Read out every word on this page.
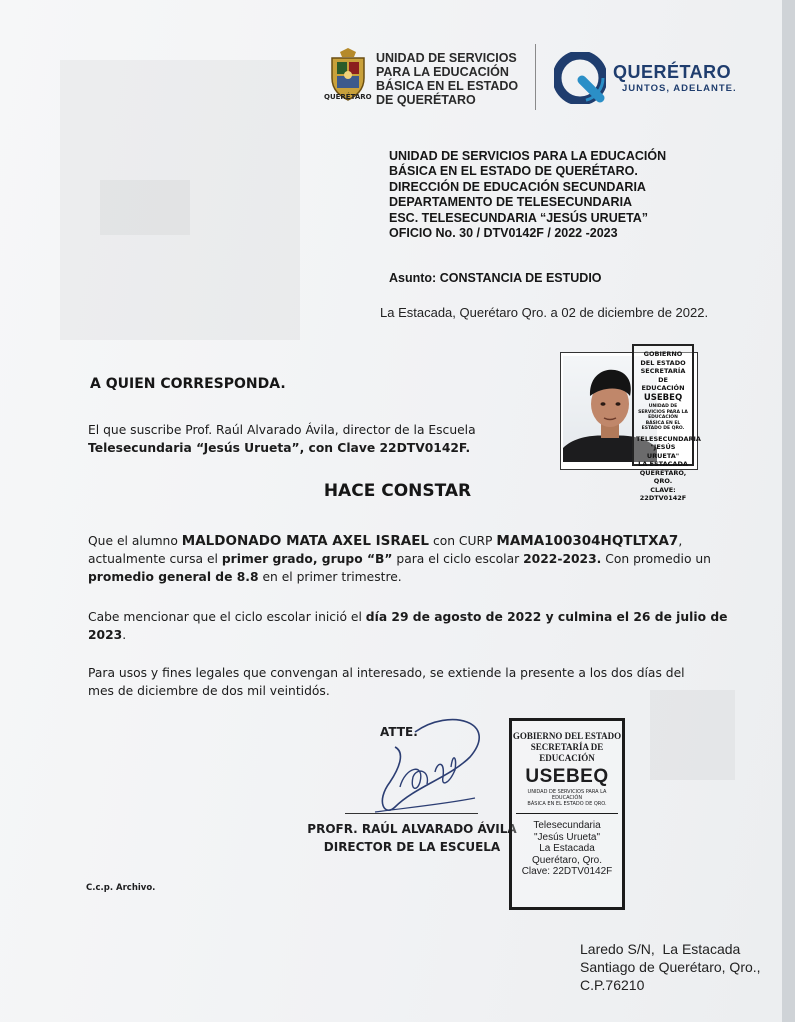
QUERÉTARO
UNIDAD DE SERVICIOS
PARA LA EDUCACIÓN
BÁSICA EN EL ESTADO
DE QUERÉTARO
QUERÉTARO
JUNTOS, ADELANTE.
UNIDAD DE SERVICIOS PARA LA EDUCACIÓN
BÁSICA EN EL ESTADO DE QUERÉTARO.
DIRECCIÓN DE EDUCACIÓN SECUNDARIA
DEPARTAMENTO DE TELESECUNDARIA
ESC. TELESECUNDARIA “JESÚS URUETA”
OFICIO No. 30 / DTV0142F / 2022 -2023
Asunto: CONSTANCIA DE ESTUDIO
La Estacada, Querétaro Qro. a 02 de diciembre de 2022.
GOBIERNO DEL ESTADO
SECRETARÍA DE EDUCACIÓN
USEBEQ
UNIDAD DE SERVICIOS PARA LA EDUCACIÓN
BÁSICA EN EL ESTADO DE QRO.
TELESECUNDARIA
"JESÚS URUETA"
LA ESTACADA
QUERÉTARO, QRO.
CLAVE: 22DTV0142F
A QUIEN CORRESPONDA.
El que suscribe Prof. Raúl Alvarado Ávila, director de la Escuela
Telesecundaria “Jesús Urueta”, con Clave 22DTV0142F.
HACE CONSTAR
Que el alumno MALDONADO MATA AXEL ISRAEL con CURP MAMA100304HQTLTXA7,
actualmente cursa el primer grado, grupo “B” para el ciclo escolar 2022-2023. Con promedio un
promedio general de 8.8 en el primer trimestre.
Cabe mencionar que el ciclo escolar inició el día 29 de agosto de 2022 y culmina el 26 de julio de
2023.
Para usos y fines legales que convengan al interesado, se extiende la presente a los dos días del mes de diciembre de dos mil veintidós.
ATTE.
PROFR. RAÚL ALVARADO ÁVILA
DIRECTOR DE LA ESCUELA
GOBIERNO DEL ESTADO
SECRETARÍA DE EDUCACIÓN
USEBEQ
UNIDAD DE SERVICIOS PARA LA EDUCACIÓN
BÁSICA EN EL ESTADO DE QRO.
Telesecundaria
"Jesús Urueta"
La Estacada
Querétaro, Qro.
Clave: 22DTV0142F
C.c.p. Archivo.
Laredo S/N,  La Estacada
Santiago de Querétaro, Qro.,
C.P.76210
